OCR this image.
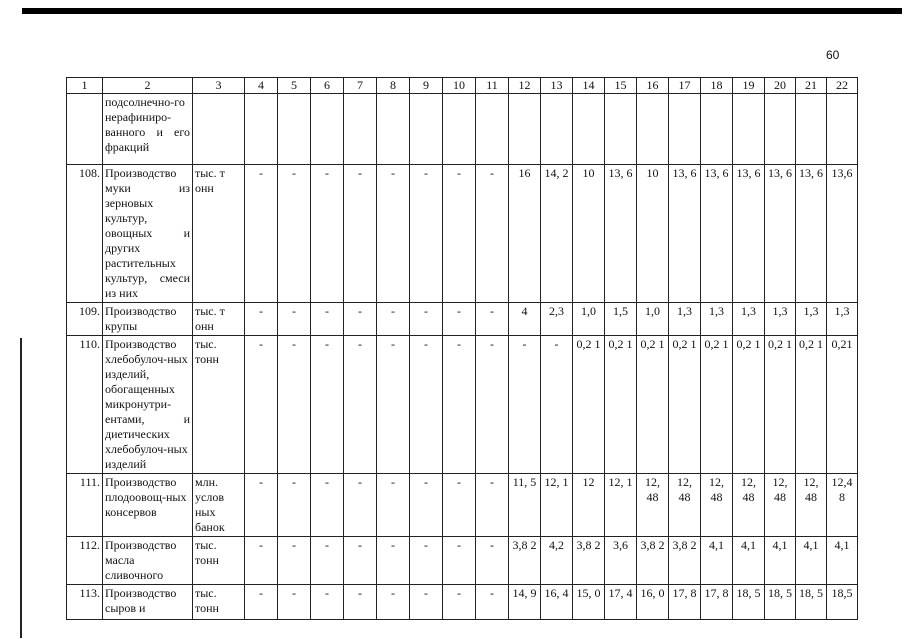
60
1	2	3	4	5	6	7	8	9	10	11	12	13	14	15	16	17	18	19	20	21	22
	подсолнечно-го нерафиниро-ванного и его фракций																				
108.	Производство муки из зерновых культур, овощных и других растительных культур, смеси из них	тыс. т онн	-	-	-	-	-	-	-	-	16	14, 2	10	13, 6	10	13, 6	13, 6	13, 6	13, 6	13, 6	13,6
109.	Производство крупы	тыс. т онн	-	-	-	-	-	-	-	-	4	2,3	1,0	1,5	1,0	1,3	1,3	1,3	1,3	1,3	1,3
110.	Производство хлебобулоч-ных изделий, обогащенных микронутри-ентами, и диетических хлебобулоч-ных изделий	тыс. тонн	-	-	-	-	-	-	-	-	-	-	0,2 1	0,2 1	0,2 1	0,2 1	0,2 1	0,2 1	0,2 1	0,2 1	0,21
111.	Производство плодоовощ-ных консервов	млн. услов ных банок	-	-	-	-	-	-	-	-	11, 5	12, 1	12	12, 1	12, 48	12, 48	12, 48	12, 48	12, 48	12, 48	12,4 8
112.	Производство масла сливочного	тыс. тонн	-	-	-	-	-	-	-	-	3,8 2	4,2	3,8 2	3,6	3,8 2	3,8 2	4,1	4,1	4,1	4,1	4,1
113.	Производство сыров и	тыс. тонн	-	-	-	-	-	-	-	-	14, 9	16, 4	15, 0	17, 4	16, 0	17, 8	17, 8	18, 5	18, 5	18, 5	18,5
